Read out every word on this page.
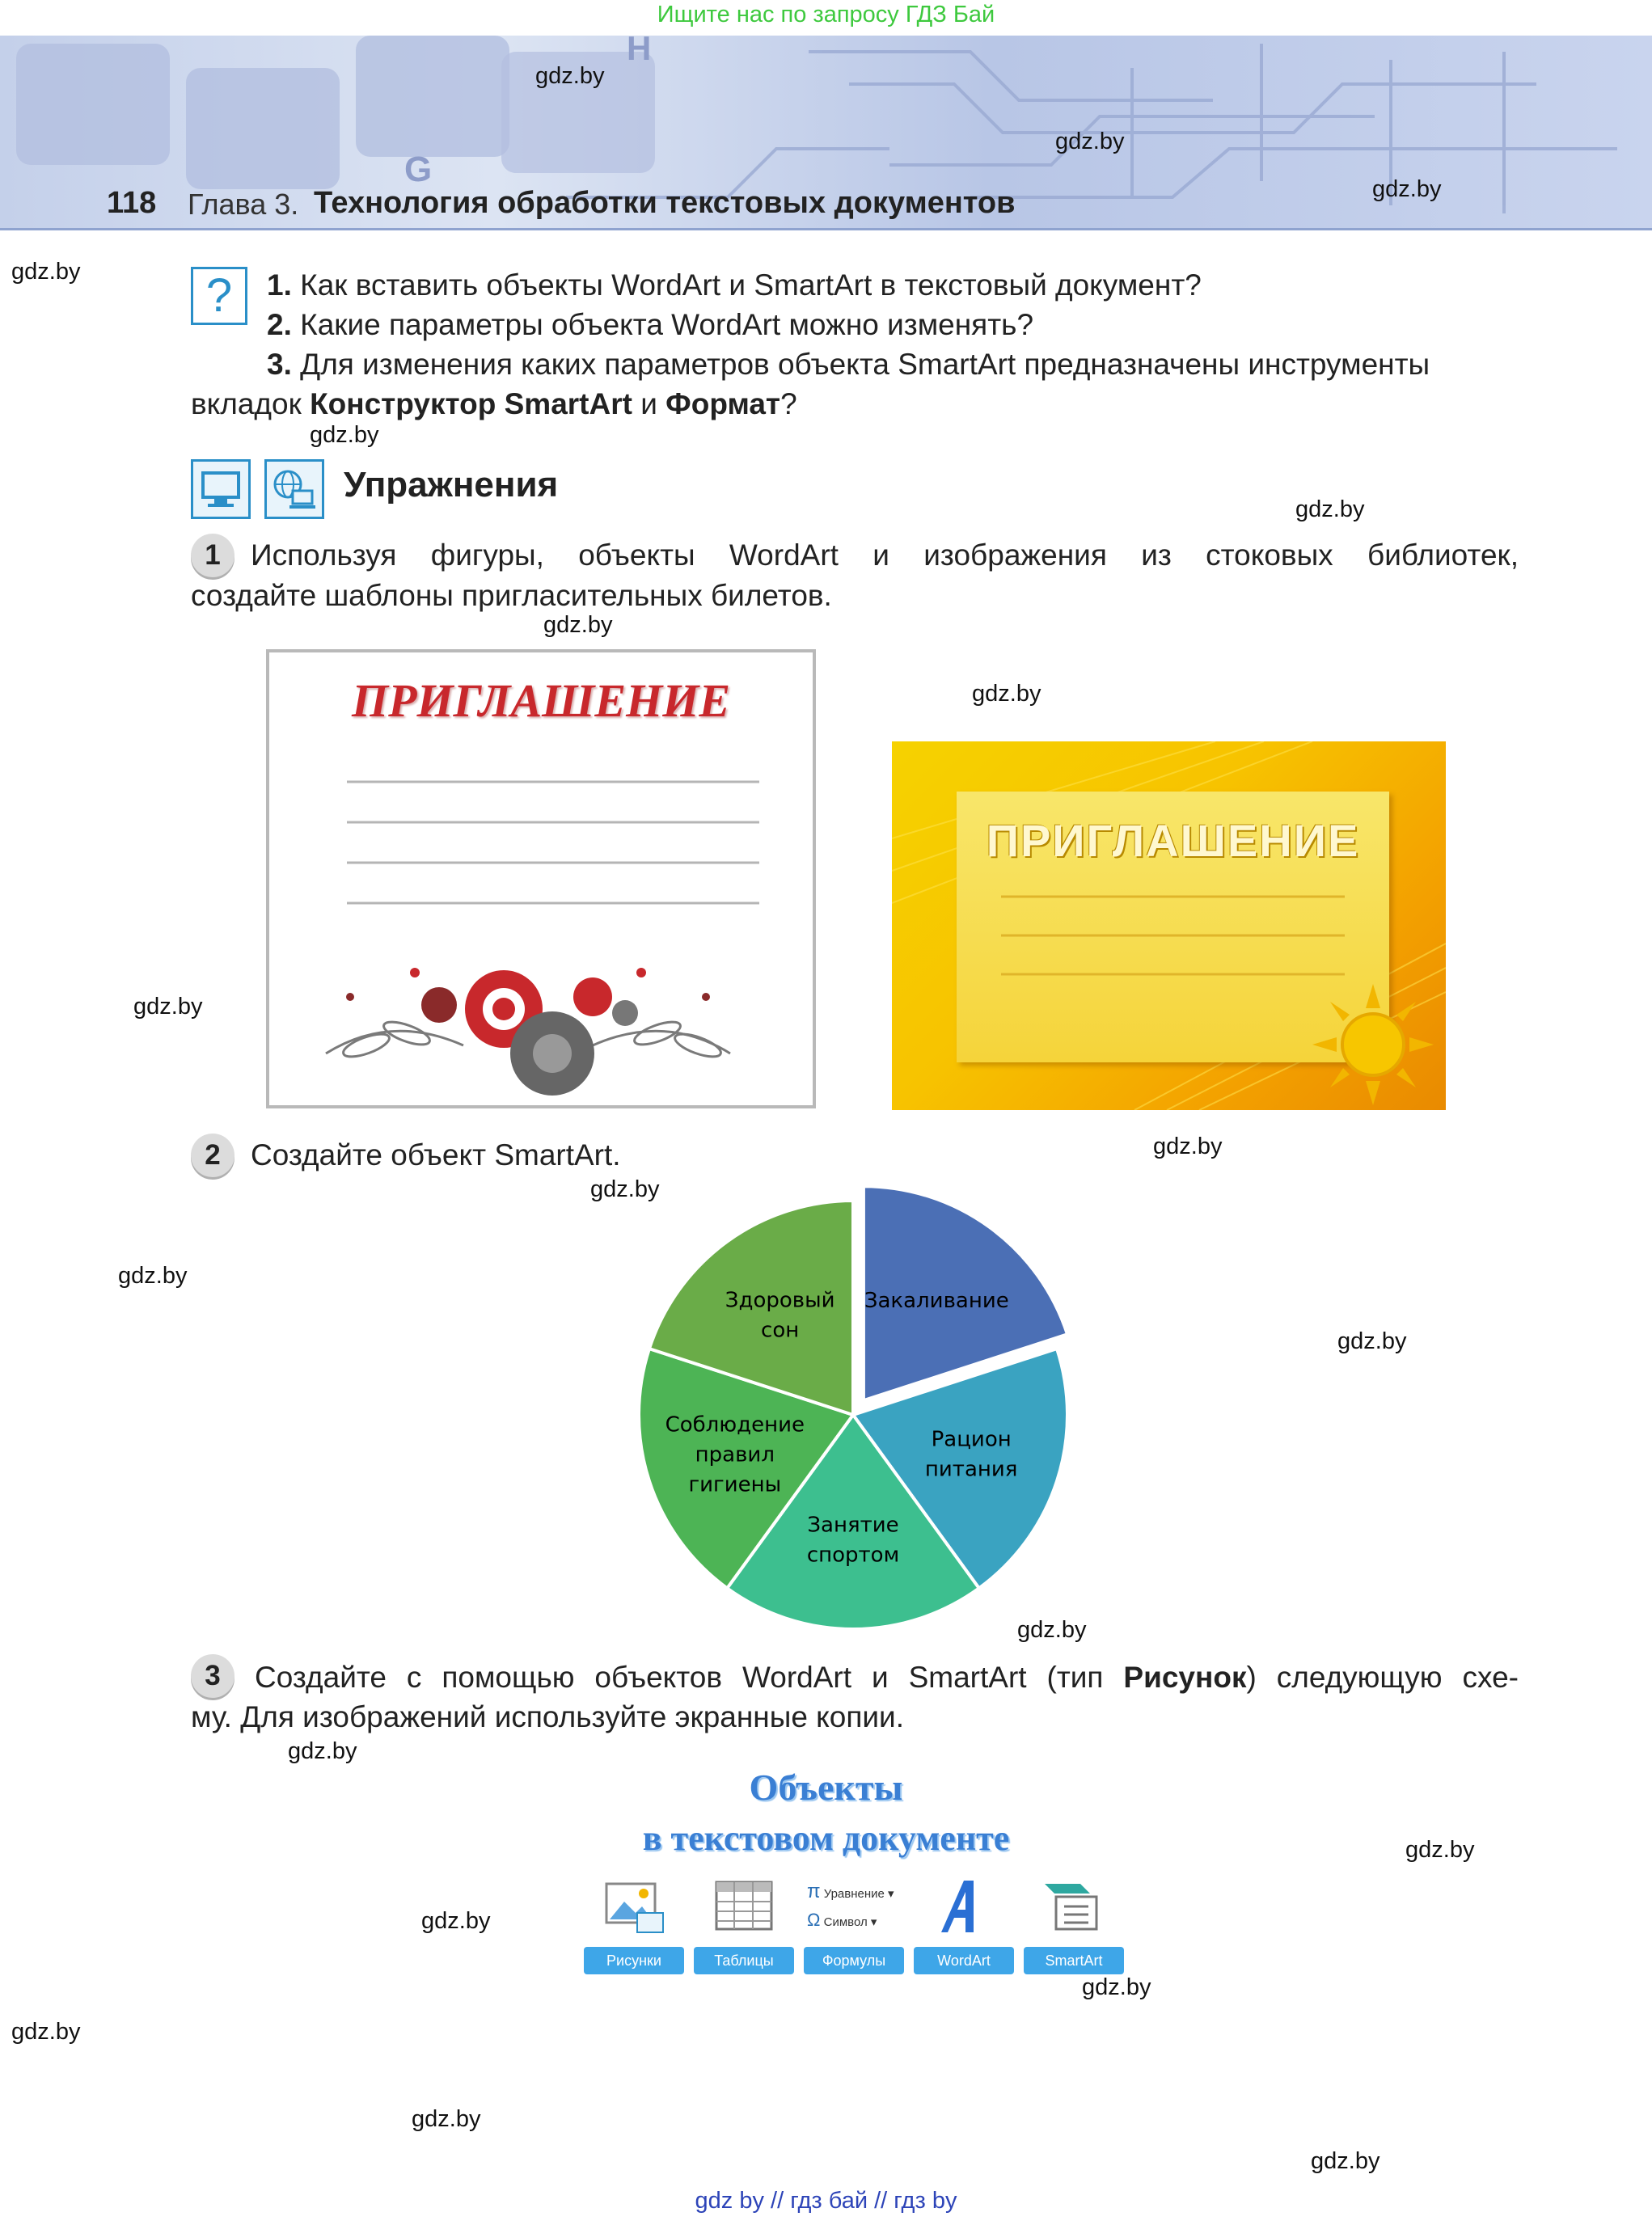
Ищите нас по запросу ГДЗ Бай
H
G
118 Глава 3. Технология обработки текстовых документов
gdz.by
gdz.by
gdz.by
gdz.by
gdz.by
gdz.by
gdz.by
gdz.by
gdz.by
gdz.by
gdz.by
gdz.by
gdz.by
gdz.by
gdz.by
gdz.by
gdz.by
gdz.by
gdz.by
gdz.by
gdz.by
?	1. Как вставить объекты WordArt и SmartArt в текстовый документ?
2. Какие параметры объекта WordArt можно изменять?
3. Для изменения каких параметров объекта SmartArt предназначены инструменты
вкладок Конструктор SmartArt и Формат?
Упражнения
1	Используя фигуры, объекты WordArt и изображения из стоковых библиотек,
создайте шаблоны пригласительных билетов.
ПРИГЛАШЕНИЕ
ПРИГЛАШЕНИЕ
2	Создайте объект SmartArt.
Закаливание
Рацион питания
Занятие спортом
Соблюдение правил гигиены
Здоровый сон
3	Создайте с помощью объектов WordArt и SmartArt (тип Рисунок) следующую схе-
му. Для изображений используйте экранные копии.
Объекты
в текстовом документе
Рисунки	Таблицы
π Уравнение ▾
Ω Символ ▾
Формулы	WordArt	SmartArt
gdz by // гдз бай // гдз by
